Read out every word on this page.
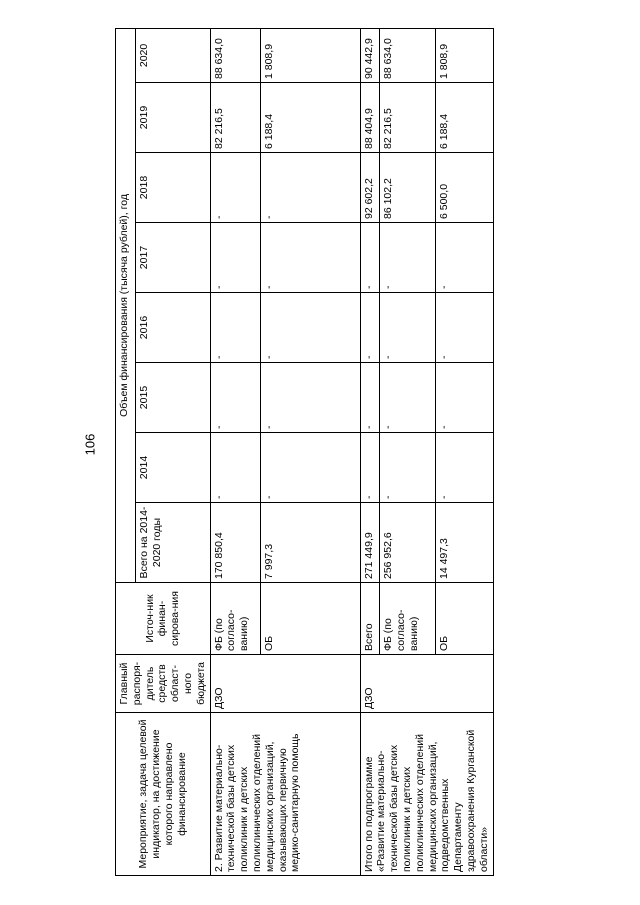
106
Мероприятие, задача целевой индикатор, на достижение которого направлено финансирование	Главный распоря-дитель средств област-ного бюджета	Источ-ник финан-сирова-ния	Объем финансирования (тысяча рублей), год							
			Всего на 2014-2020 годы	2014	2015	2016	2017	2018	2019	2020
2. Развитие материально-технической базы детских поликлиник и детских поликлинических отделений медицинских организаций, оказывающих первичную медико-санитарную помощь	ДЗО	ФБ (по согласо-ванию)	170 850,4	-	-	-	-	-	82 216,5	88 634,0
		ОБ	7 997,3	-	-	-	-	-	6 188,4	1 808,9
Итого по подпрограмме «Развитие материально-технической базы детских поликлиник и детских поликлинических отделений медицинских организаций, подведомственных Департаменту здравоохранения Курганской области»	ДЗО	Всего	271 449,9	-	-	-	-	92 602,2	88 404,9	90 442,9
		ФБ (по согласо-ванию)	256 952,6	-	-	-	-	86 102,2	82 216,5	88 634,0
		ОБ	14 497,3	-	-	-	-	6 500,0	6 188,4	1 808,9
